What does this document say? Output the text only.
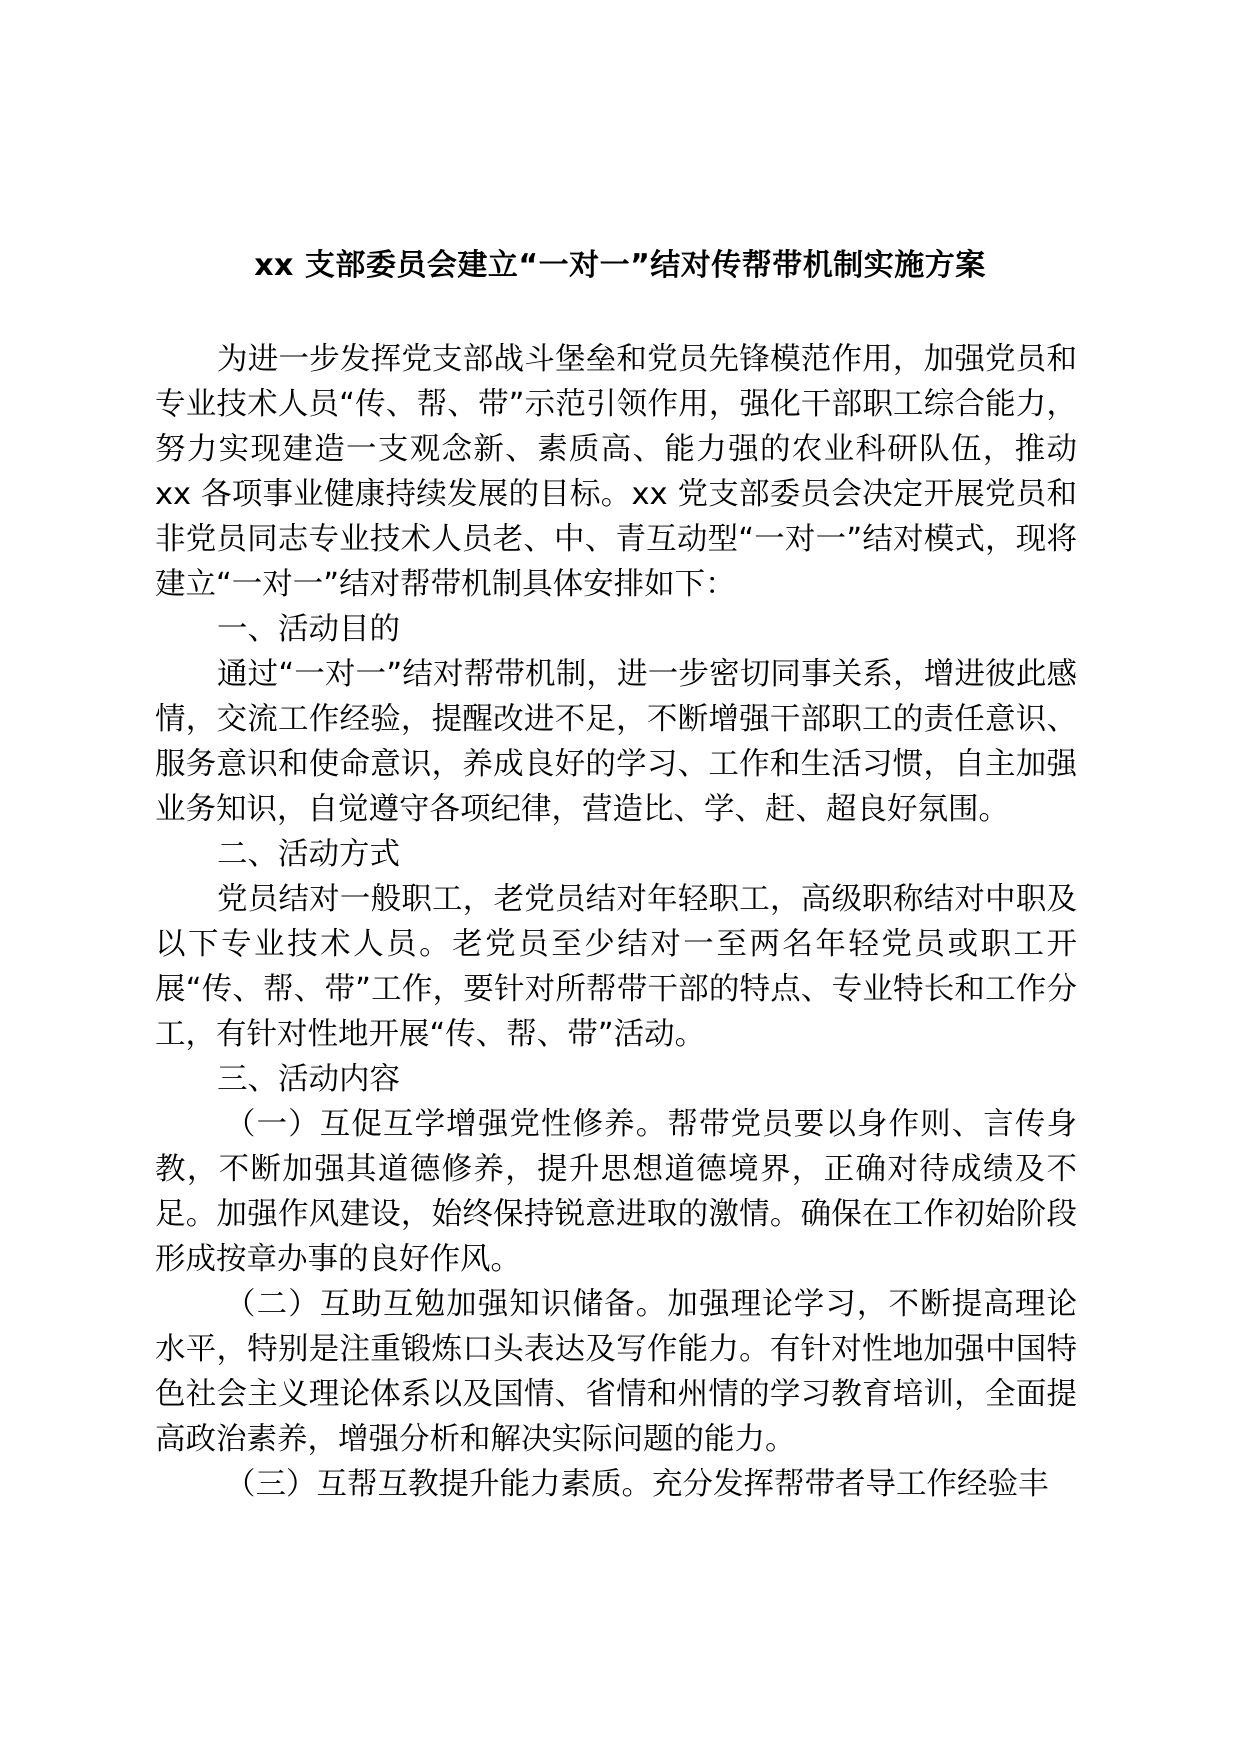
xx 支部委员会建立“一对一”结对传帮带机制实施方案

为进一步发挥党支部战斗堡垒和党员先锋模范作用，加强党员和专业技术人员“传、帮、带”示范引领作用，强化干部职工综合能力，努力实现建造一支观念新、素质高、能力强的农业科研队伍，推动 xx 各项事业健康持续发展的目标。xx 党支部委员会决定开展党员和非党员同志专业技术人员老、中、青互动型“一对一”结对模式，现将建立“一对一”结对帮带机制具体安排如下：

一、活动目的

通过“一对一”结对帮带机制，进一步密切同事关系，增进彼此感情，交流工作经验，提醒改进不足，不断增强干部职工的责任意识、服务意识和使命意识，养成良好的学习、工作和生活习惯，自主加强业务知识，自觉遵守各项纪律，营造比、学、赶、超良好氛围。

二、活动方式

党员结对一般职工，老党员结对年轻职工，高级职称结对中职及以下专业技术人员。老党员至少结对一至两名年轻党员或职工开展“传、帮、带”工作，要针对所帮带干部的特点、专业特长和工作分工，有针对性地开展“传、帮、带”活动。

三、活动内容

（一）互促互学增强党性修养。帮带党员要以身作则、言传身教，不断加强其道德修养，提升思想道德境界，正确对待成绩及不足。加强作风建设，始终保持锐意进取的激情。确保在工作初始阶段形成按章办事的良好作风。

（二）互助互勉加强知识储备。加强理论学习，不断提高理论水平，特别是注重锻炼口头表达及写作能力。有针对性地加强中国特色社会主义理论体系以及国情、省情和州情的学习教育培训，全面提高政治素养，增强分析和解决实际问题的能力。

（三）互帮互教提升能力素质。充分发挥帮带者导工作经验丰
